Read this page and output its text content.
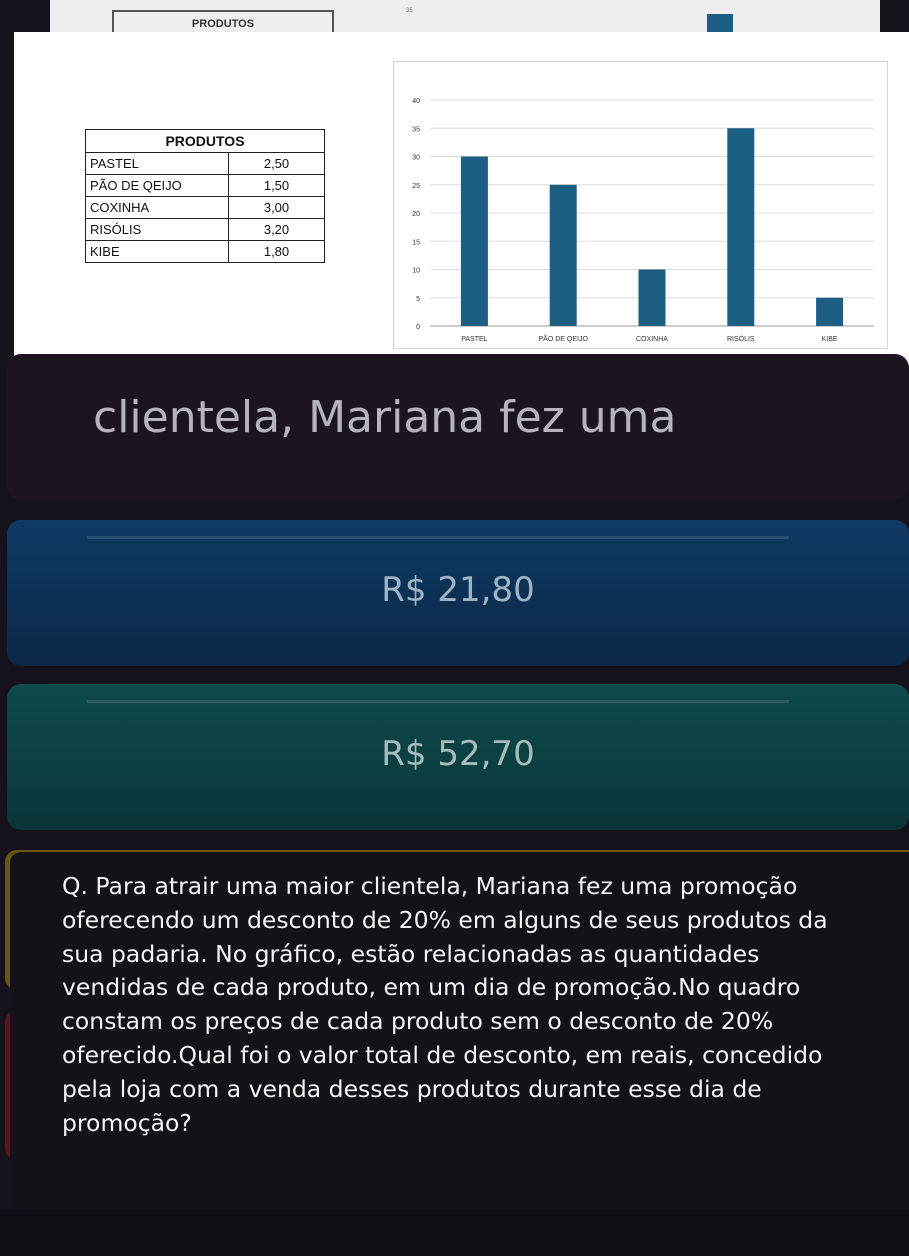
PRODUTOS
35
PRODUTOS	
PASTEL	2,50
PÃO DE QEIJO	1,50
COXINHA	3,00
RISÓLIS	3,20
KIBE	1,80
0
5
10
15
20
25
30
35
40
PASTEL	PÃO DE QEIJO	COXINHA	RISÓLIS	KIBE
clientela, Mariana fez uma
R$ 21,80
R$ 52,70
Q. Para atrair uma maior clientela, Mariana fez uma promoção oferecendo um desconto de 20% em alguns de seus produtos da sua padaria. No gráfico, estão relacionadas as quantidades vendidas de cada produto, em um dia de promoção.No quadro constam os preços de cada produto sem o desconto de 20% oferecido.Qual foi o valor total de desconto, em reais, concedido pela loja com a venda desses produtos durante esse dia de promoção?
